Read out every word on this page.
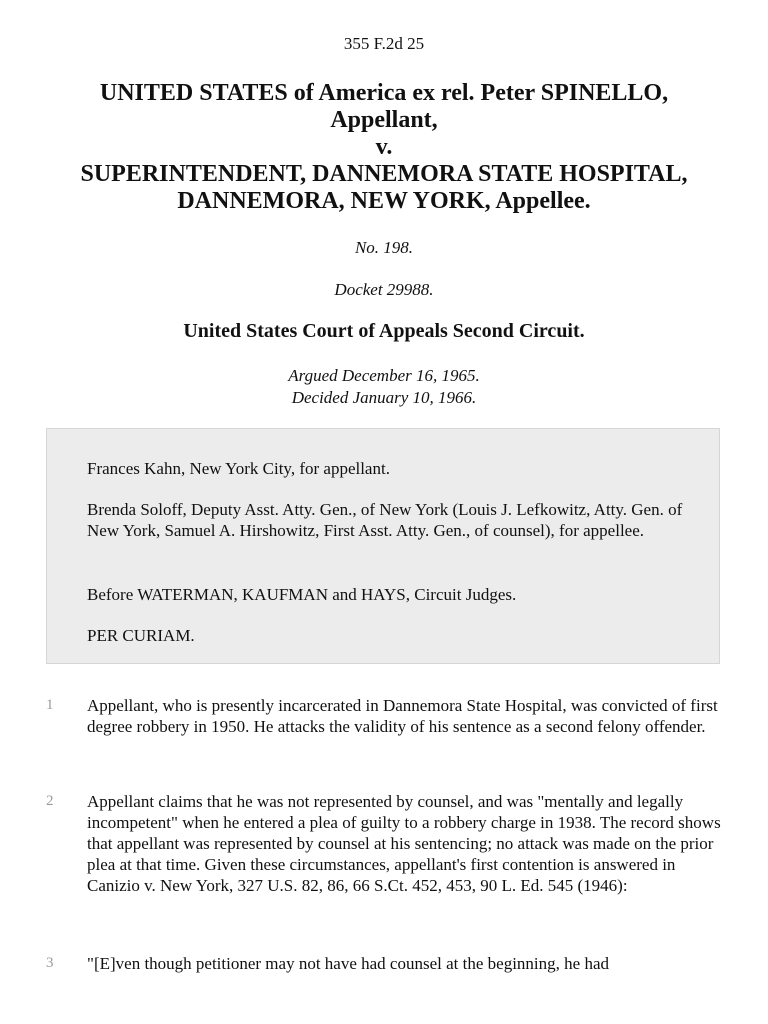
355 F.2d 25
UNITED STATES of America ex rel. Peter SPINELLO,
Appellant,
v.
SUPERINTENDENT, DANNEMORA STATE HOSPITAL,
DANNEMORA, NEW YORK, Appellee.
No. 198.
Docket 29988.
United States Court of Appeals Second Circuit.
Argued December 16, 1965.
Decided January 10, 1966.

Frances Kahn, New York City, for appellant.

Brenda Soloff, Deputy Asst. Atty. Gen., of New York (Louis J. Lefkowitz, Atty. Gen. of New York, Samuel A. Hirshowitz, First Asst. Atty. Gen., of counsel), for appellee.

Before WATERMAN, KAUFMAN and HAYS, Circuit Judges.

PER CURIAM.

1 Appellant, who is presently incarcerated in Dannemora State Hospital, was convicted of first degree robbery in 1950. He attacks the validity of his sentence as a second felony offender.
2 Appellant claims that he was not represented by counsel, and was "mentally and legally incompetent" when he entered a plea of guilty to a robbery charge in 1938. The record shows that appellant was represented by counsel at his sentencing; no attack was made on the prior plea at that time. Given these circumstances, appellant's first contention is answered in Canizio v. New York, 327 U.S. 82, 86, 66 S.Ct. 452, 453, 90 L. Ed. 545 (1946):
3 "[E]ven though petitioner may not have had counsel at the beginning, he had
